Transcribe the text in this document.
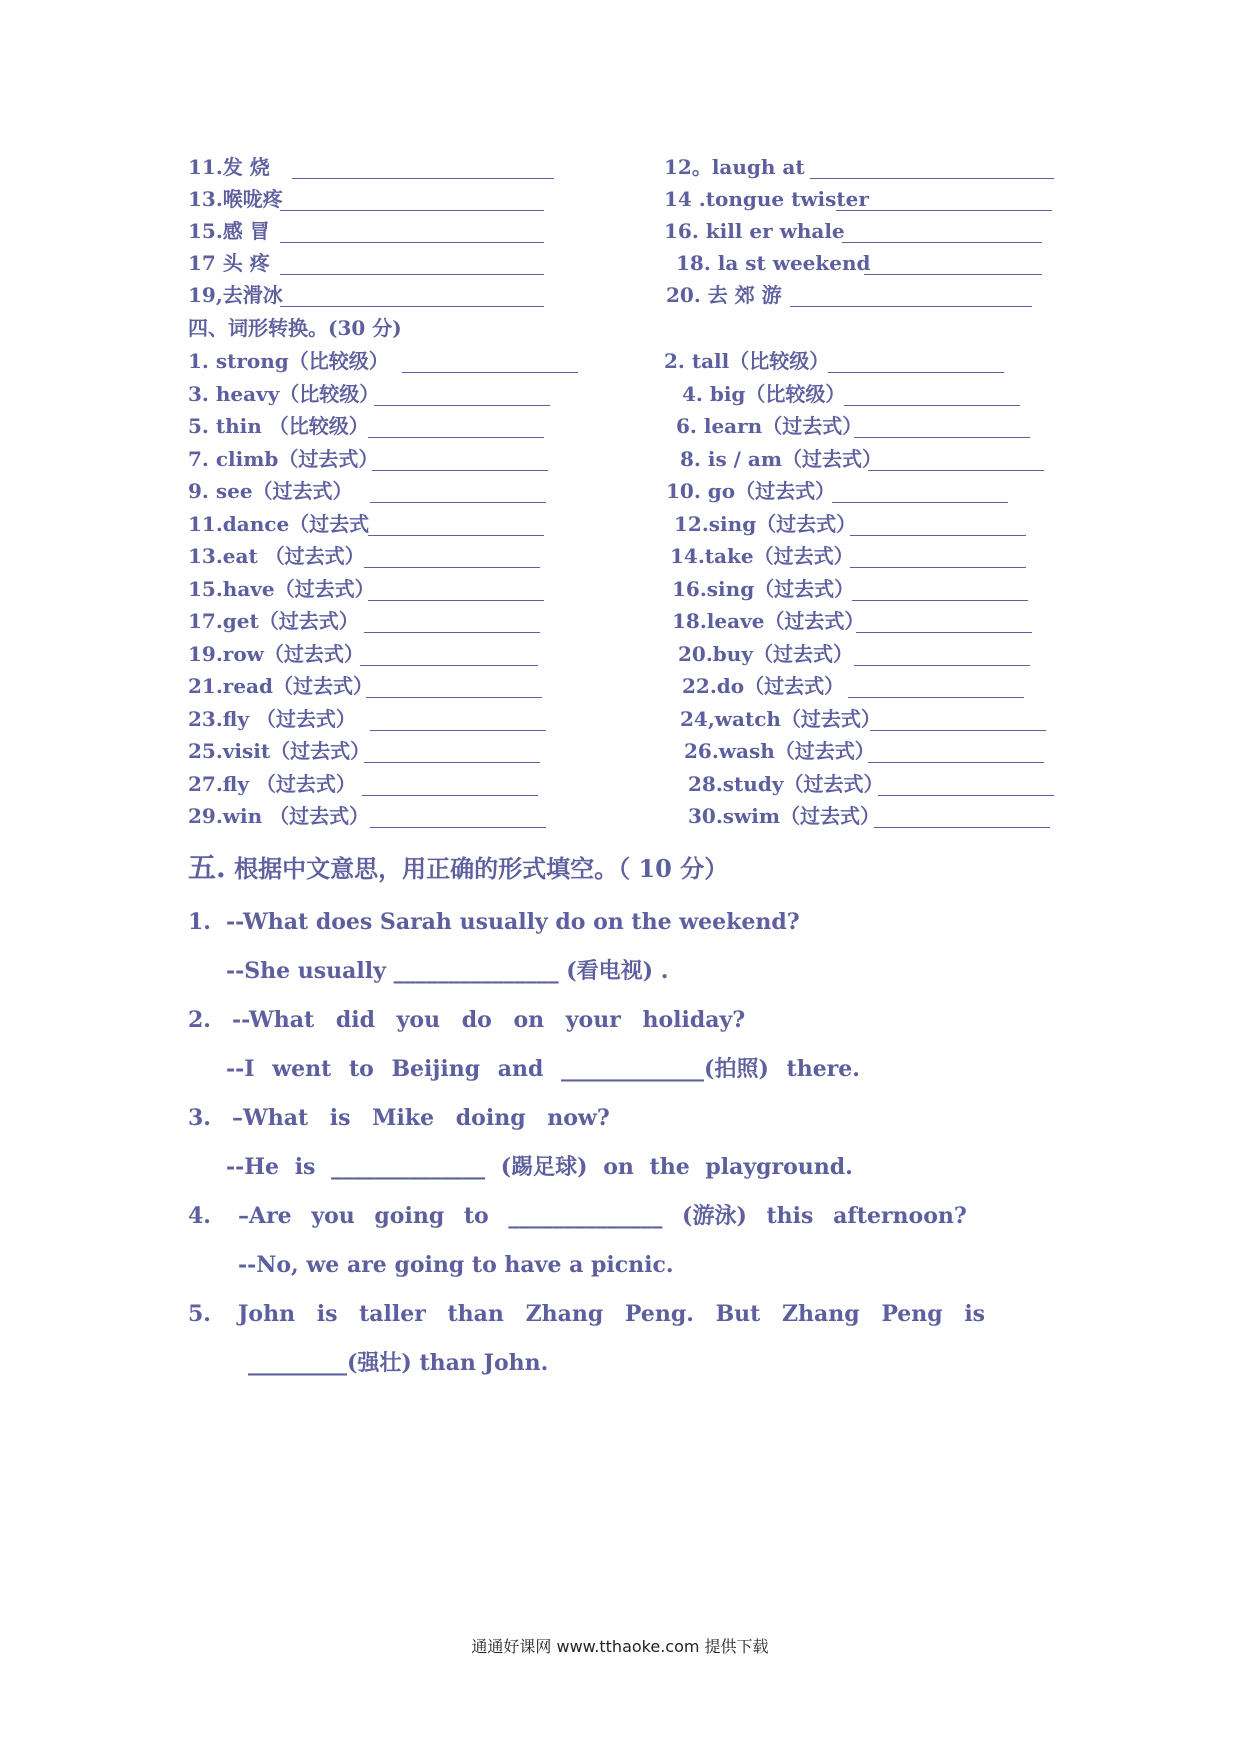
11.发 烧	12。laugh at
13.喉咙疼	14 .tongue twister
15.感 冒	16. kill er whale
17 头 疼	18. la st weekend
19,去滑冰	20. 去 郊 游
四、词形转换。(30 分)
1. strong（比较级）	2. tall（比较级）
3. heavy（比较级）	4. big（比较级）
5. thin （比较级）	6. learn（过去式）
7. climb（过去式）	8. is / am（过去式）
9. see（过去式）	10. go（过去式）
11.dance（过去式	12.sing（过去式）
13.eat （过去式）	14.take（过去式）
15.have（过去式）	16.sing（过去式）
17.get（过去式）	18.leave（过去式）
19.row（过去式）	20.buy（过去式）
21.read（过去式）	22.do（过去式）
23.fly （过去式）	24,watch（过去式）
25.visit（过去式）	26.wash（过去式）
27.fly （过去式）	28.study（过去式）
29.win （过去式）	30.swim（过去式）
五. 根据中文意思，用正确的形式填空。（ 10 分）
1. --What does Sarah usually do on the weekend?
--She usually _______________ (看电视) .
2. --What did you do on your holiday?
--I went to Beijing and _____________(拍照) there.
3. –What is Mike doing now?
--He is ______________ (踢足球) on the playground.
4. –Are you going to ______________ (游泳) this afternoon?
--No, we are going to have a picnic.
5. John is taller than Zhang Peng. But Zhang Peng is
_________(强壮) than John.
通通好课网 www.tthaoke.com 提供下载
